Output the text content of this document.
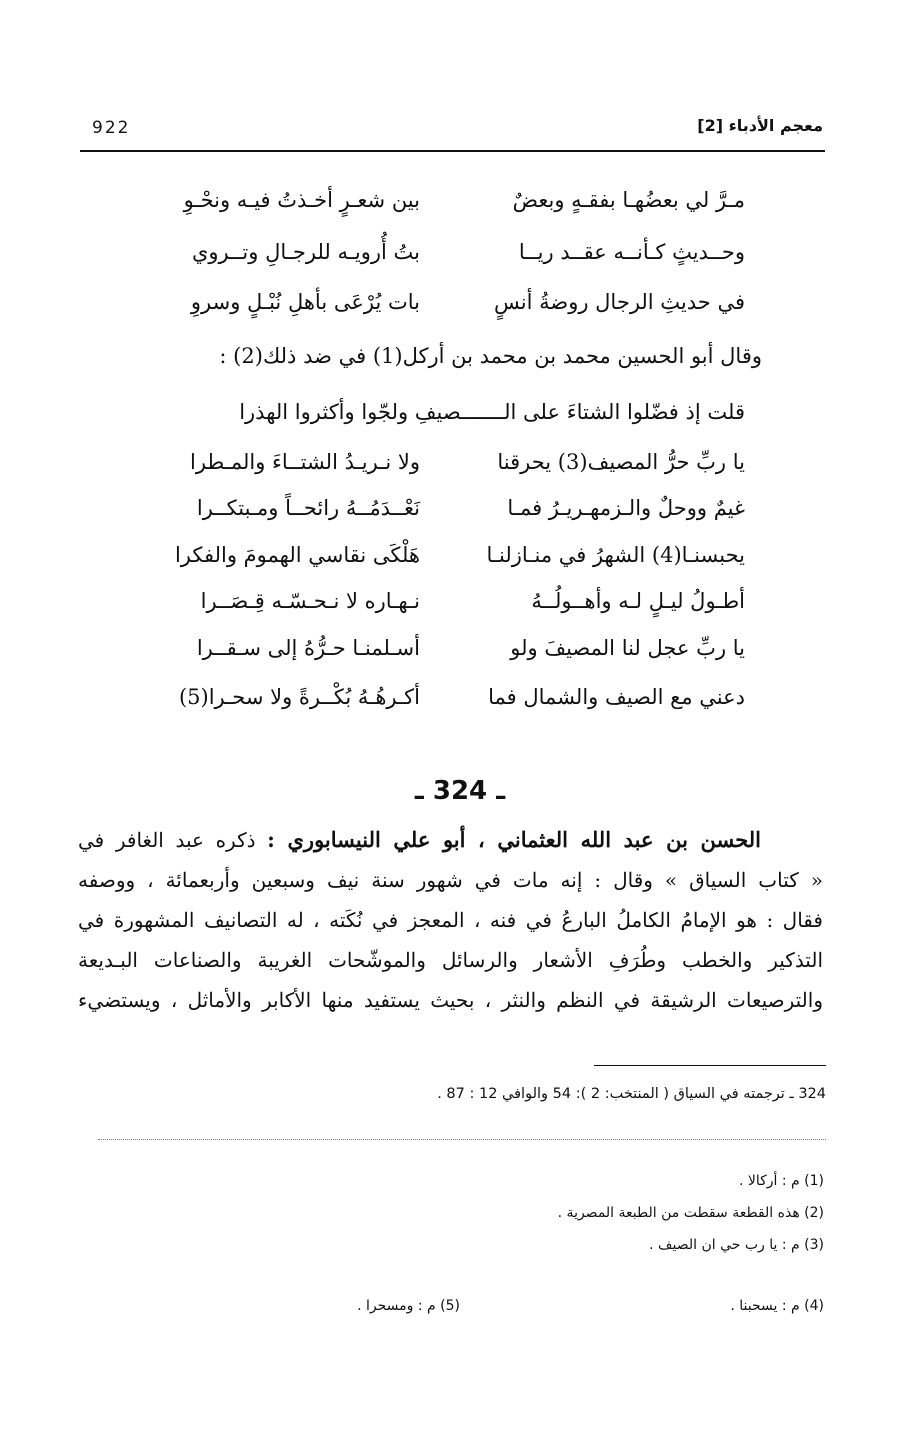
922	معجم الأدباء [2]
مـرَّ لي بعضُهـا بفقـهٍ وبعضٌ
بين شعـرٍ أخـذتُ فيـه ونحْـوِ
وحــديثٍ كـأنــه عقــد ريــا
بتُ أُرويـه للرجـالِ وتــروي
في حديثِ الرجال روضةُ أنسٍ
بات يُرْعَى بأهلِ نُبْـلٍ وسروِ
وقال أبو الحسين محمد بن محمد بن أركل(1) في ضد ذلك(2) :
قلت إذ فضّلوا الشتاءَ على الـــــــصيفِ ولجّوا وأكثروا الهذرا
يا ربِّ حرُّ المصيف(3) يحرقنا
ولا نـريـدُ الشتــاءَ والمـطرا
غيمٌ ووحلٌ والـزمهـريـرُ فمـا
نَعْــدَمُــهُ رائحــاً ومـبتكــرا
يحبسنـا(4) الشهرُ في منـازلنـا
هَلْكَى نقاسي الهمومَ والفكرا
أطـولُ ليـلٍ لـه وأهــولُــهُ
نـهـاره لا نـحـسّـه قِـصَــرا
يا ربِّ عجل لنا المصيفَ ولو
أسـلمنـا حـرُّهُ إلى سـقــرا
دعني مع الصيف والشمال فما
أكـرهُـهُ بُكْــرةً ولا سحـرا(5)
ـ 324 ـ
الحسن بن عبد الله العثماني ، أبو علي النيسابوري : ذكره عبد الغافر في
« كتاب السياق » وقال : إنه مات في شهور سنة نيف وسبعين وأربعمائة ، ووصفه
فقال : هو الإمامُ الكاملُ البارعُ في فنه ، المعجز في نُكَته ، له التصانيف المشهورة في
التذكير والخطب وطُرَفِ الأشعار والرسائل والموشّحات الغريبة والصناعات البـديعة
والترصيعات الرشيقة في النظم والنثر ، بحيث يستفيد منها الأكابر والأماثل ، ويستضيء
324 ـ ترجمته في السياق ( المنتخب: 2 ): 54 والوافي 12 : 87 .
(1) م : أركالا .
(2) هذه القطعة سقطت من الطبعة المصرية .
(3) م : يا رب حي ان الصيف .
(4) م : يسحبنا .
(5) م : ومسحرا .
